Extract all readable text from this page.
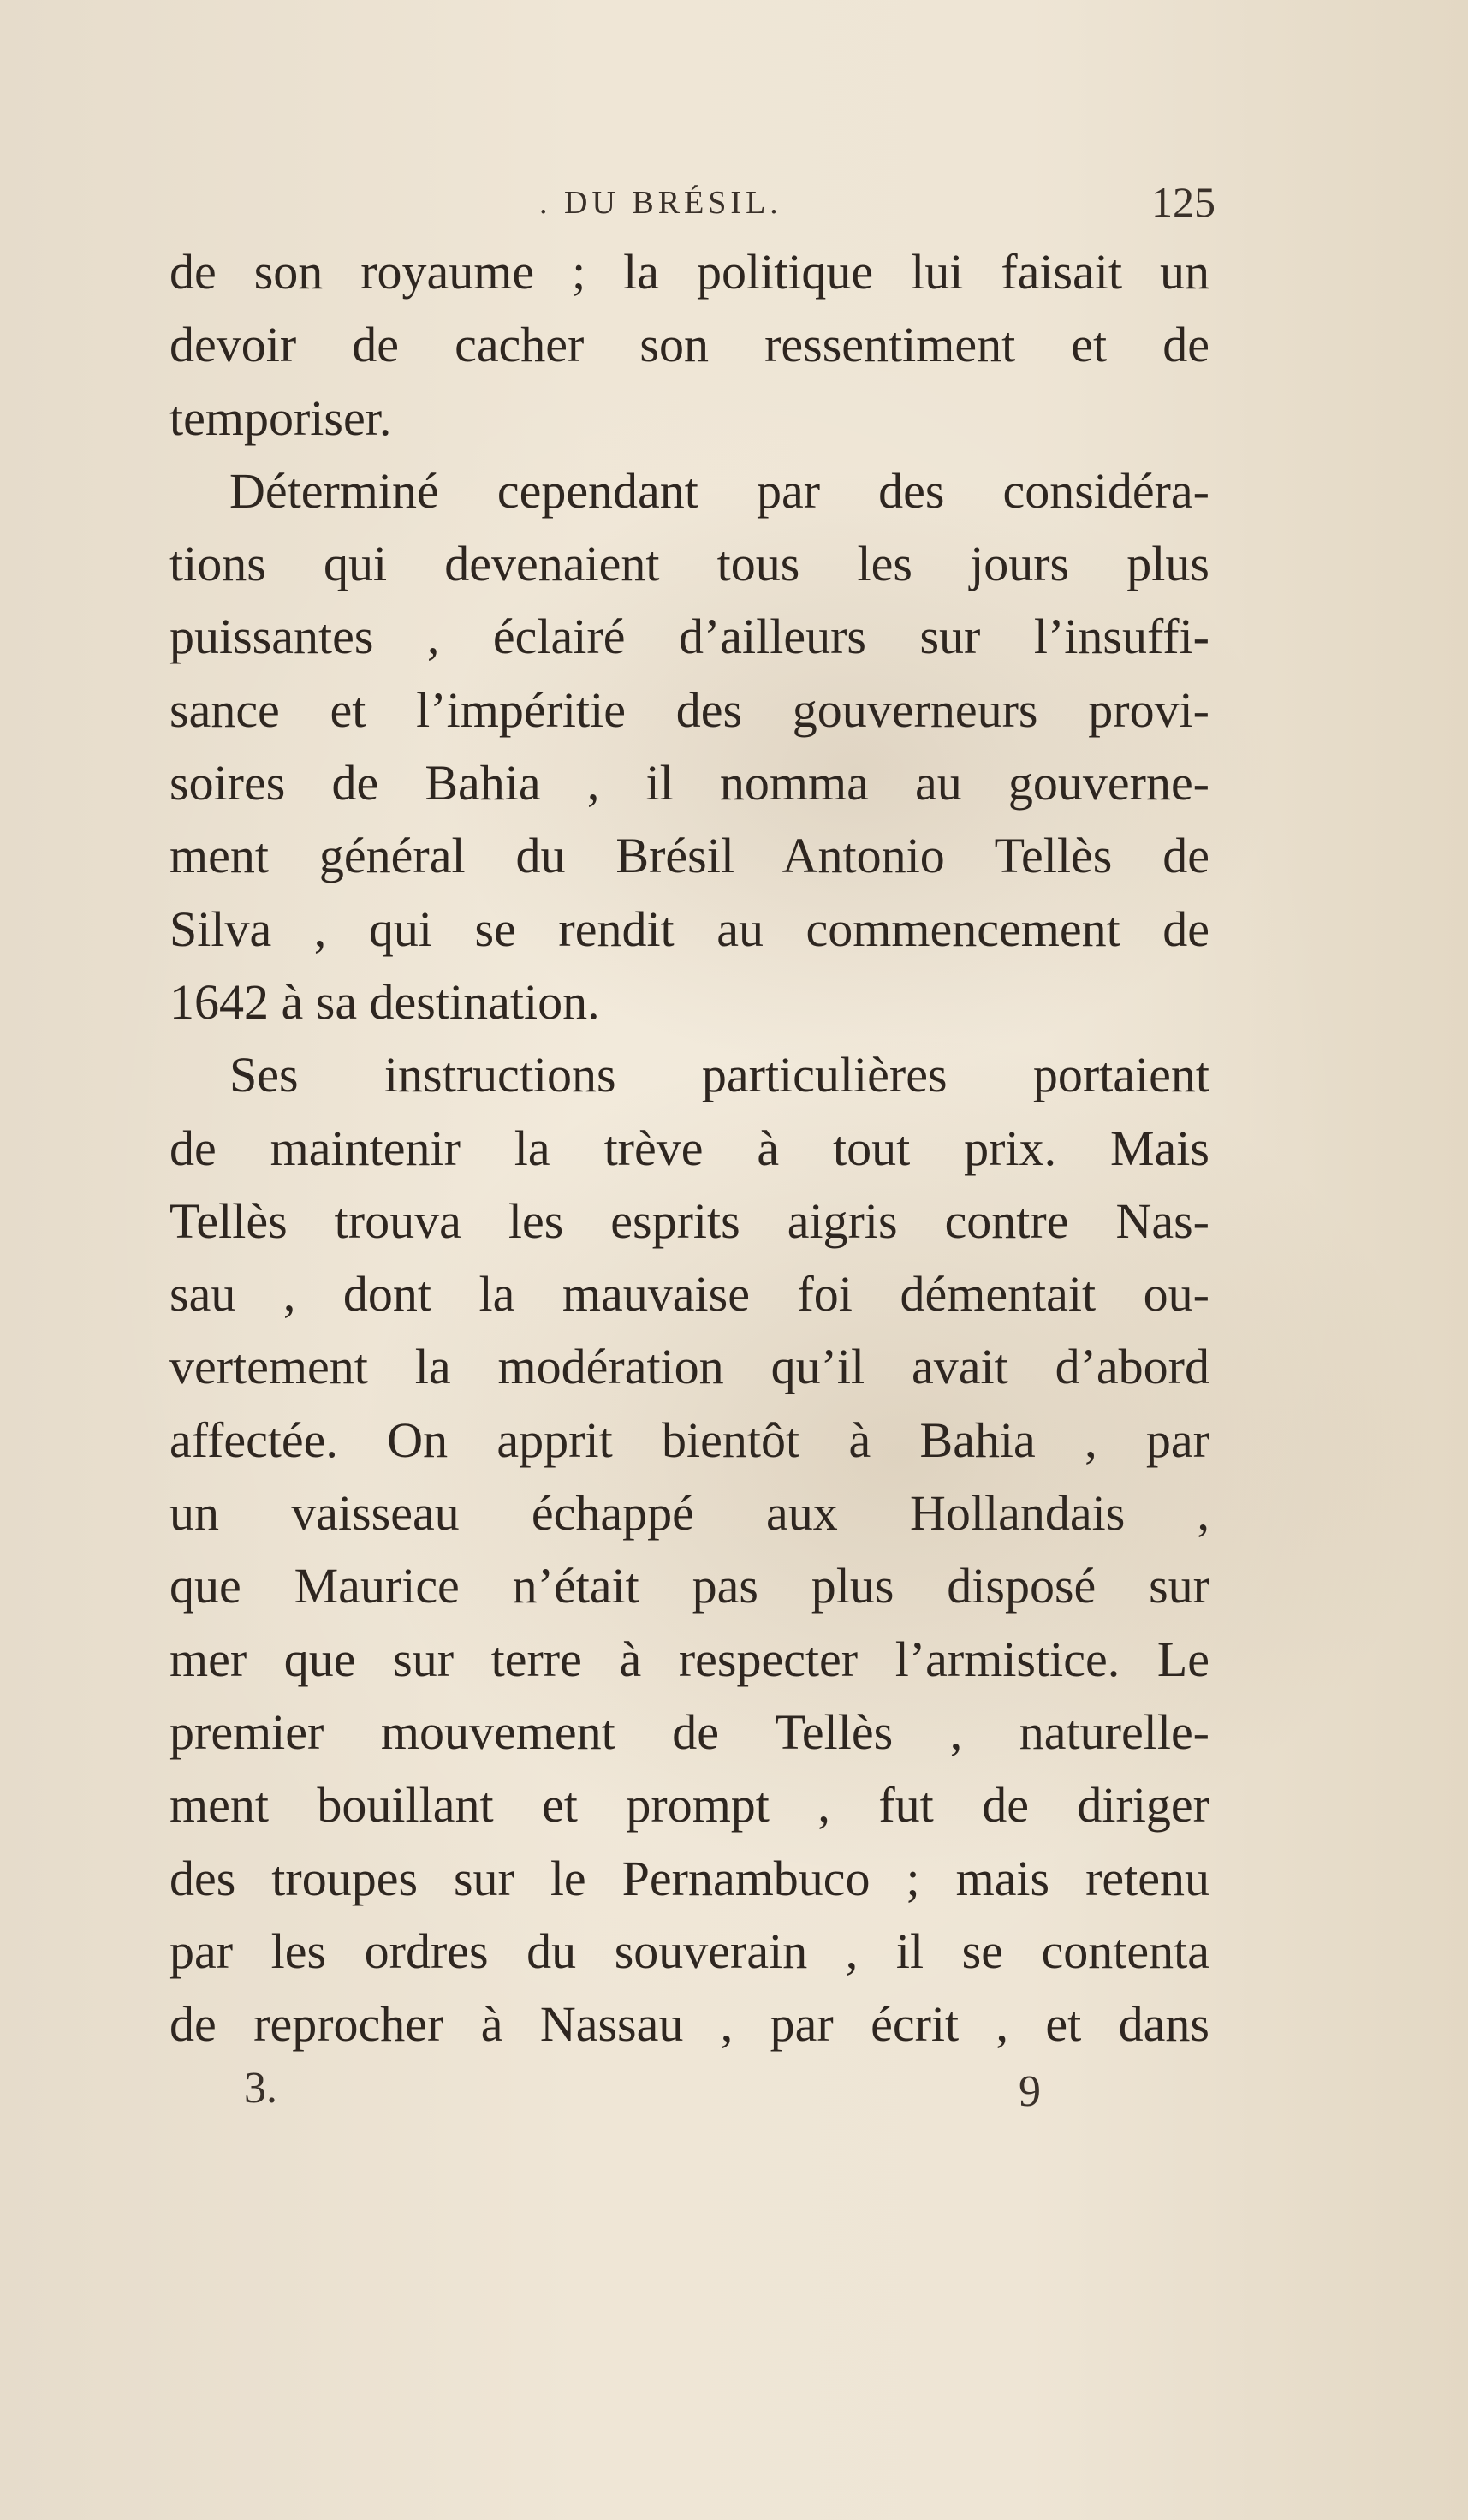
. DU BRÉSIL.	125
de son royaume ; la politique lui faisait un
devoir de cacher son ressentiment et de
temporiser.
Déterminé cependant par des considéra-
tions qui devenaient tous les jours plus
puissantes , éclairé d’ailleurs sur l’insuffi-
sance et l’impéritie des gouverneurs provi-
soires de Bahia , il nomma au gouverne-
ment général du Brésil Antonio Tellès de
Silva , qui se rendit au commencement de
1642 à sa destination.
Ses instructions particulières portaient
de maintenir la trève à tout prix. Mais
Tellès trouva les esprits aigris contre Nas-
sau , dont la mauvaise foi démentait ou-
vertement la modération qu’il avait d’abord
affectée. On apprit bientôt à Bahia , par
un vaisseau échappé aux Hollandais ,
que Maurice n’était pas plus disposé sur
mer que sur terre à respecter l’armistice. Le
premier mouvement de Tellès , naturelle-
ment bouillant et prompt , fut de diriger
des troupes sur le Pernambuco ; mais retenu
par les ordres du souverain , il se contenta
de reprocher à Nassau , par écrit , et dans
3.	9
